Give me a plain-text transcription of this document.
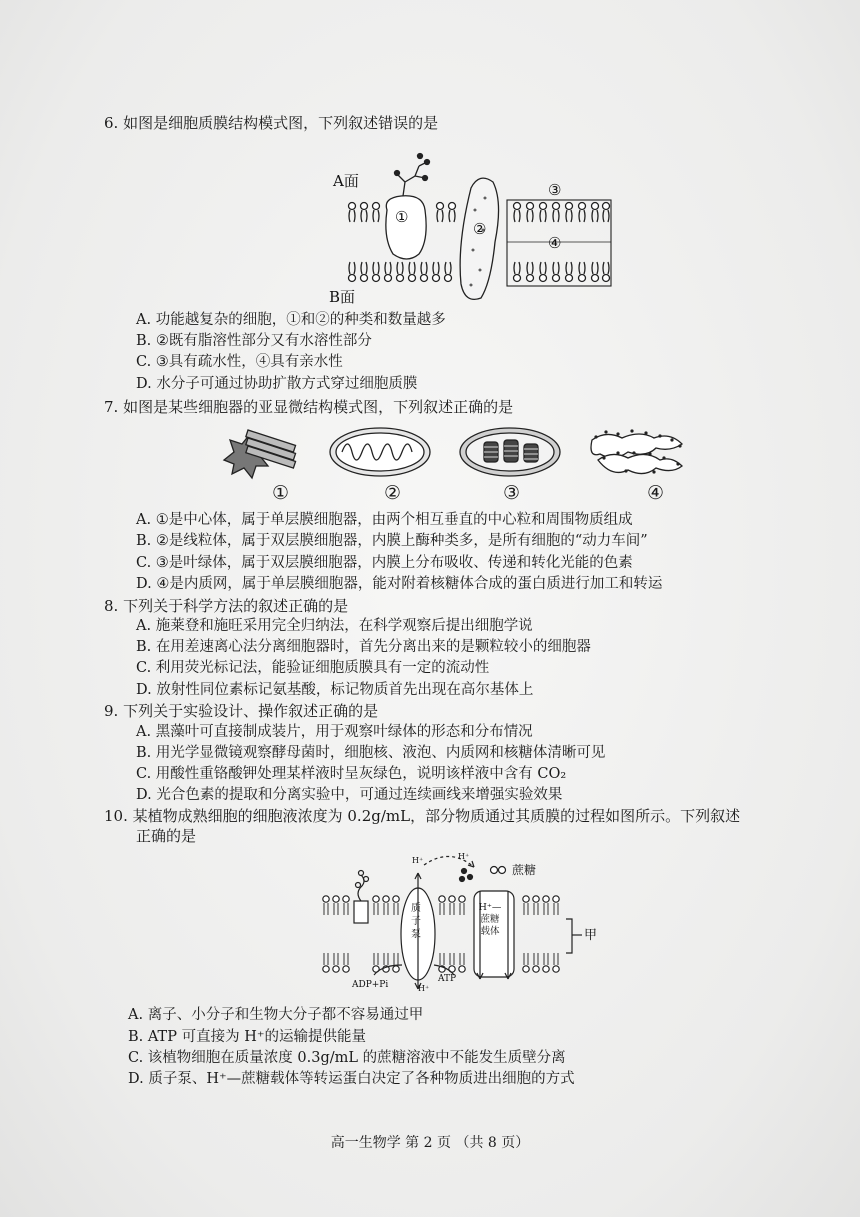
6. 如图是细胞质膜结构模式图，下列叙述错误的是
A面
B面
①
②
③
④
A. 功能越复杂的细胞，①和②的种类和数量越多
B. ②既有脂溶性部分又有水溶性部分
C. ③具有疏水性，④具有亲水性
D. 水分子可通过协助扩散方式穿过细胞质膜
7. 如图是某些细胞器的亚显微结构模式图，下列叙述正确的是
①	②	③	④
A. ①是中心体，属于单层膜细胞器，由两个相互垂直的中心粒和周围物质组成
B. ②是线粒体，属于双层膜细胞器，内膜上酶种类多，是所有细胞的“动力车间”
C. ③是叶绿体，属于双层膜细胞器，内膜上分布吸收、传递和转化光能的色素
D. ④是内质网，属于单层膜细胞器，能对附着核糖体合成的蛋白质进行加工和转运
8. 下列关于科学方法的叙述正确的是
A. 施莱登和施旺采用完全归纳法，在科学观察后提出细胞学说
B. 在用差速离心法分离细胞器时，首先分离出来的是颗粒较小的细胞器
C. 利用荧光标记法，能验证细胞质膜具有一定的流动性
D. 放射性同位素标记氨基酸，标记物质首先出现在高尔基体上
9. 下列关于实验设计、操作叙述正确的是
A. 黑藻叶可直接制成装片，用于观察叶绿体的形态和分布情况
B. 用光学显微镜观察酵母菌时，细胞核、液泡、内质网和核糖体清晰可见
C. 用酸性重铬酸钾处理某样液时呈灰绿色，说明该样液中含有 CO₂
D. 光合色素的提取和分离实验中，可通过连续画线来增强实验效果
10. 某植物成熟细胞的细胞液浓度为 0.2g/mL，部分物质通过其质膜的过程如图所示。下列叙述
正确的是
H⁺	H⁺
蔗糖
H⁺
ADP+Pi
ATP
甲
质子泵
H⁺—蔗糖载体
A. 离子、小分子和生物大分子都不容易通过甲
B. ATP 可直接为 H⁺的运输提供能量
C. 该植物细胞在质量浓度 0.3g/mL 的蔗糖溶液中不能发生质壁分离
D. 质子泵、H⁺—蔗糖载体等转运蛋白决定了各种物质进出细胞的方式
高一生物学 第 2 页 （共 8 页）
